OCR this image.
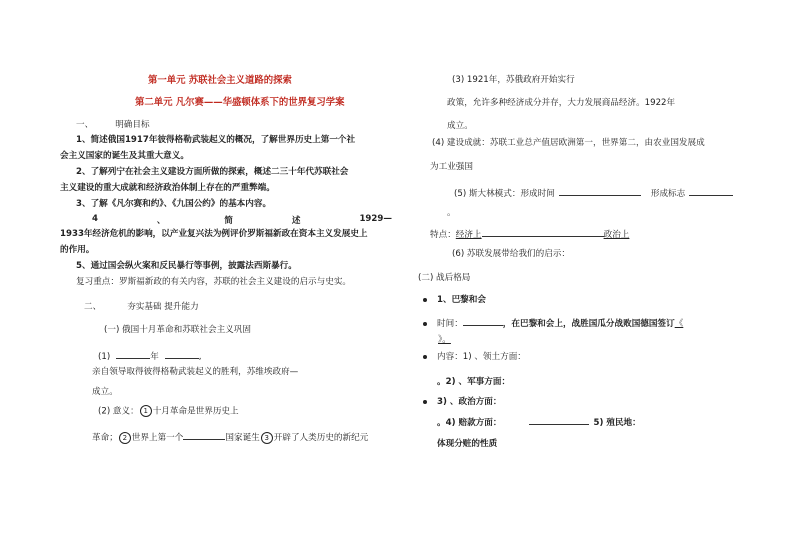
第一单元 苏联社会主义道路的探索
第二单元 凡尔赛——华盛顿体系下的世界复习学案
一、	明确目标
1、简述俄国1917年彼得格勒武装起义的概况，了解世界历史上第一个社
会主义国家的诞生及其重大意义。
2、了解列宁在社会主义建设方面所做的探索，概述二三十年代苏联社会
主义建设的重大成就和经济政治体制上存在的严重弊端。
3、了解《凡尔赛和约》、《九国公约》的基本内容。
4	、	简	述	1929—
1933年经济危机的影响，以产业复兴法为例评价罗斯福新政在资本主义发展史上
的作用。
5、通过国会纵火案和反民暴行等事例，披露法西斯暴行。
复习重点：罗斯福新政的有关内容，苏联的社会主义建设的启示与史实。
二、	夯实基础 提升能力
(一) 俄国十月革命和苏联社会主义巩固
(1)	年	,
亲自领导取得彼得格勒武装起义的胜利，苏维埃政府—
成立。
(2) 意义： 1 十月革命是世界历史上
革命； 2 世界上第一个	国家诞生 3 开辟了人类历史的新纪元
(3) 1921年，苏俄政府开始实行
政策，允许多种经济成分并存，大力发展商品经济。1922年
成立。
(4) 建设成就：苏联工业总产值居欧洲第一，世界第二，由农业国发展成
为工业强国
(5) 斯大林模式：形成时间	形成标志
。
特点：经济上	政治上
(6) 苏联发展带给我们的启示：
(二) 战后格局
1、巴黎和会
时间：	，在巴黎和会上，战胜国瓜分战败国德国签订《
》。
内容：1) 、领土方面：
。2) 、军事方面：
3) 、政治方面：
。4) 赔款方面：	5) 殖民地：
体现分赃的性质
